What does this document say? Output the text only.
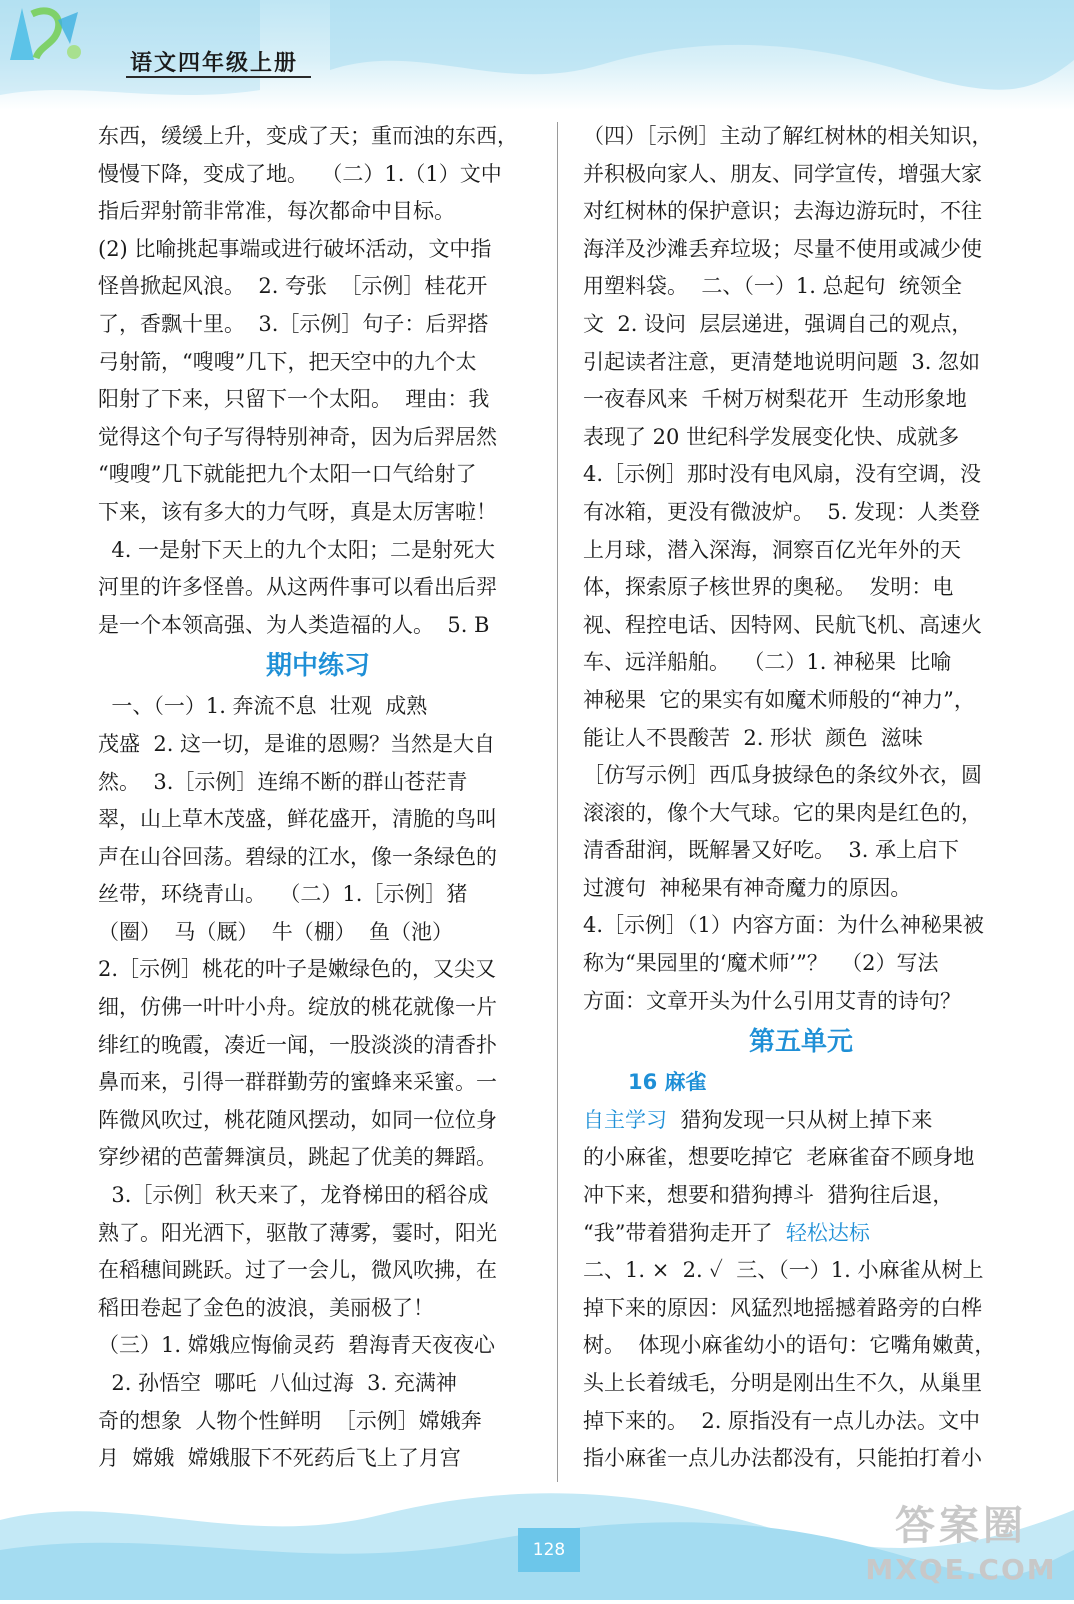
语文四年级上册
东西，缓缓上升，变成了天；重而浊的东西，
慢慢下降，变成了地。  （二）1.（1）文中
指后羿射箭非常准，每次都命中目标。
(2) 比喻挑起事端或进行破坏活动，文中指
怪兽掀起风浪。  2. 夸张  ［示例］桂花开
了，香飘十里。  3.［示例］句子：后羿搭
弓射箭，“嗖嗖”几下，把天空中的九个太
阳射了下来，只留下一个太阳。  理由：我
觉得这个句子写得特别神奇，因为后羿居然
“嗖嗖”几下就能把九个太阳一口气给射了
下来，该有多大的力气呀，真是太厉害啦！
4. 一是射下天上的九个太阳；二是射死大
河里的许多怪兽。从这两件事可以看出后羿
是一个本领高强、为人类造福的人。  5. B
期中练习
一、（一）1. 奔流不息  壮观  成熟
茂盛  2. 这一切，是谁的恩赐？当然是大自
然。  3.［示例］连绵不断的群山苍茫青
翠，山上草木茂盛，鲜花盛开，清脆的鸟叫
声在山谷回荡。碧绿的江水，像一条绿色的
丝带，环绕青山。  （二）1.［示例］猪
（圈）  马（厩）  牛（棚）  鱼（池）
2.［示例］桃花的叶子是嫩绿色的，又尖又
细，仿佛一叶叶小舟。绽放的桃花就像一片
绯红的晚霞，凑近一闻，一股淡淡的清香扑
鼻而来，引得一群群勤劳的蜜蜂来采蜜。一
阵微风吹过，桃花随风摆动，如同一位位身
穿纱裙的芭蕾舞演员，跳起了优美的舞蹈。
3.［示例］秋天来了，龙脊梯田的稻谷成
熟了。阳光洒下，驱散了薄雾，霎时，阳光
在稻穗间跳跃。过了一会儿，微风吹拂，在
稻田卷起了金色的波浪，美丽极了！
（三）1. 嫦娥应悔偷灵药  碧海青天夜夜心
2. 孙悟空  哪吒  八仙过海  3. 充满神
奇的想象  人物个性鲜明  ［示例］嫦娥奔
月  嫦娥  嫦娥服下不死药后飞上了月宫
（四）［示例］主动了解红树林的相关知识，
并积极向家人、朋友、同学宣传，增强大家
对红树林的保护意识；去海边游玩时，不往
海洋及沙滩丢弃垃圾；尽量不使用或减少使
用塑料袋。  二、（一）1. 总起句  统领全
文  2. 设问  层层递进，强调自己的观点，
引起读者注意，更清楚地说明问题  3. 忽如
一夜春风来  千树万树梨花开  生动形象地
表现了 20 世纪科学发展变化快、成就多
4.［示例］那时没有电风扇，没有空调，没
有冰箱，更没有微波炉。  5. 发现：人类登
上月球，潜入深海，洞察百亿光年外的天
体，探索原子核世界的奥秘。  发明：电
视、程控电话、因特网、民航飞机、高速火
车、远洋船舶。  （二）1. 神秘果  比喻
神秘果  它的果实有如魔术师般的“神力”，
能让人不畏酸苦  2. 形状  颜色  滋味
［仿写示例］西瓜身披绿色的条纹外衣，圆
滚滚的，像个大气球。它的果肉是红色的，
清香甜润，既解暑又好吃。  3. 承上启下
过渡句  神秘果有神奇魔力的原因。
4.［示例］（1）内容方面：为什么神秘果被
称为“果园里的‘魔术师’”？  （2）写法
方面：文章开头为什么引用艾青的诗句？
第五单元
16 麻雀
自主学习  猎狗发现一只从树上掉下来
的小麻雀，想要吃掉它  老麻雀奋不顾身地
冲下来，想要和猎狗搏斗  猎狗往后退，
“我”带着猎狗走开了  轻松达标
二、1. ×  2. ✓  三、（一）1. 小麻雀从树上
掉下来的原因：风猛烈地摇撼着路旁的白桦
树。  体现小麻雀幼小的语句：它嘴角嫩黄，
头上长着绒毛，分明是刚出生不久，从巢里
掉下来的。  2. 原指没有一点儿办法。文中
指小麻雀一点儿办法都没有，只能拍打着小
128
答案圈
MXQE.COM
